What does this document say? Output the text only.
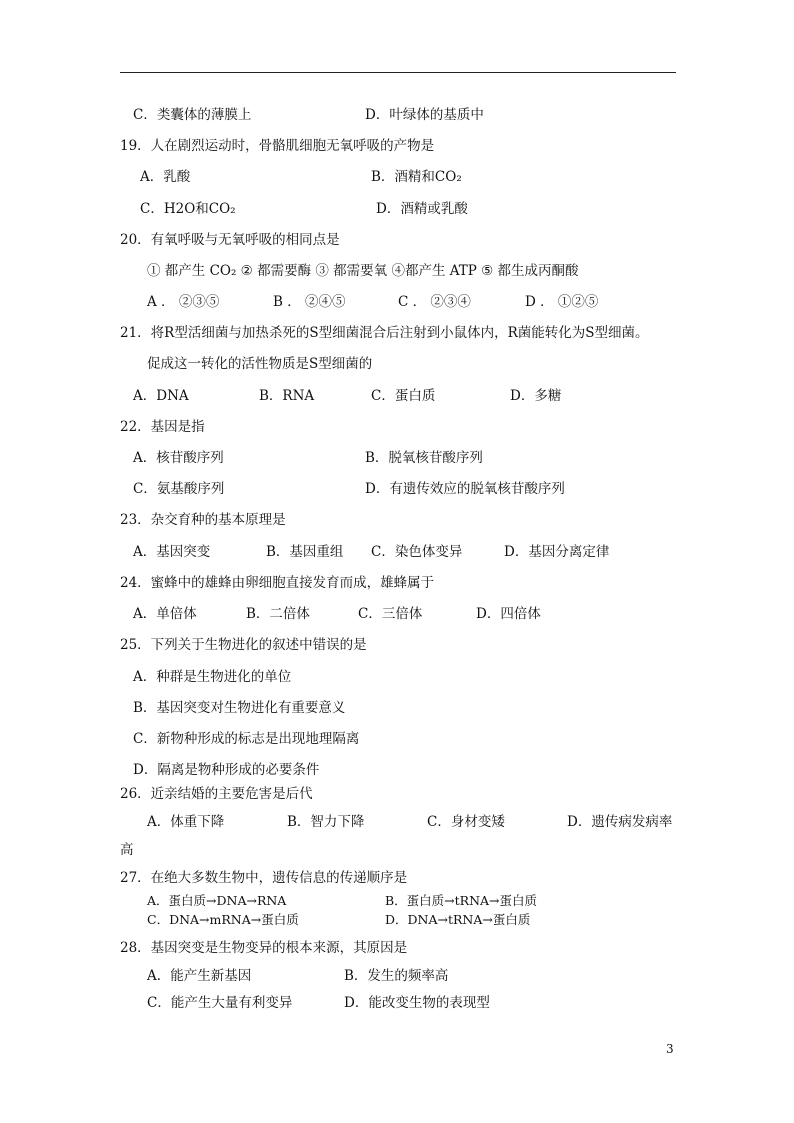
C．类囊体的薄膜上	D．叶绿体的基质中
19．人在剧烈运动时，骨骼肌细胞无氧呼吸的产物是
A．乳酸	B．酒精和CO₂
C．H2O和CO₂	D．酒精或乳酸
20．有氧呼吸与无氧呼吸的相同点是
① 都产生 CO₂ ② 都需要酶 ③ 都需要氧 ④都产生 ATP ⑤ 都生成丙酮酸
A ． ②③⑤	B ． ②④⑤	C ． ②③④	D ． ①②⑤
21．将R型活细菌与加热杀死的S型细菌混合后注射到小鼠体内，R菌能转化为S型细菌。
促成这一转化的活性物质是S型细菌的
A．DNA	B．RNA	C．蛋白质	D．多糖
22．基因是指
A．核苷酸序列	B．脱氧核苷酸序列
C．氨基酸序列	D．有遗传效应的脱氧核苷酸序列
23．杂交育种的基本原理是
A．基因突变	B．基因重组 C．染色体变异	D．基因分离定律
24．蜜蜂中的雄蜂由卵细胞直接发育而成，雄蜂属于
A．单倍体	B．二倍体	C．三倍体	D．四倍体
25．下列关于生物进化的叙述中错误的是
A．种群是生物进化的单位
B．基因突变对生物进化有重要意义
C．新物种形成的标志是出现地理隔离
D．隔离是物种形成的必要条件
26．近亲结婚的主要危害是后代
A．体重下降	B．智力下降	C．身材变矮	D．遗传病发病率
高
27．在绝大多数生物中，遗传信息的传递顺序是
A．蛋白质→DNA→RNA	B．蛋白质→tRNA→蛋白质
C．DNA→mRNA→蛋白质	D．DNA→tRNA→蛋白质
28．基因突变是生物变异的根本来源，其原因是
A．能产生新基因	B．发生的频率高
C．能产生大量有利变异	D．能改变生物的表现型
3
